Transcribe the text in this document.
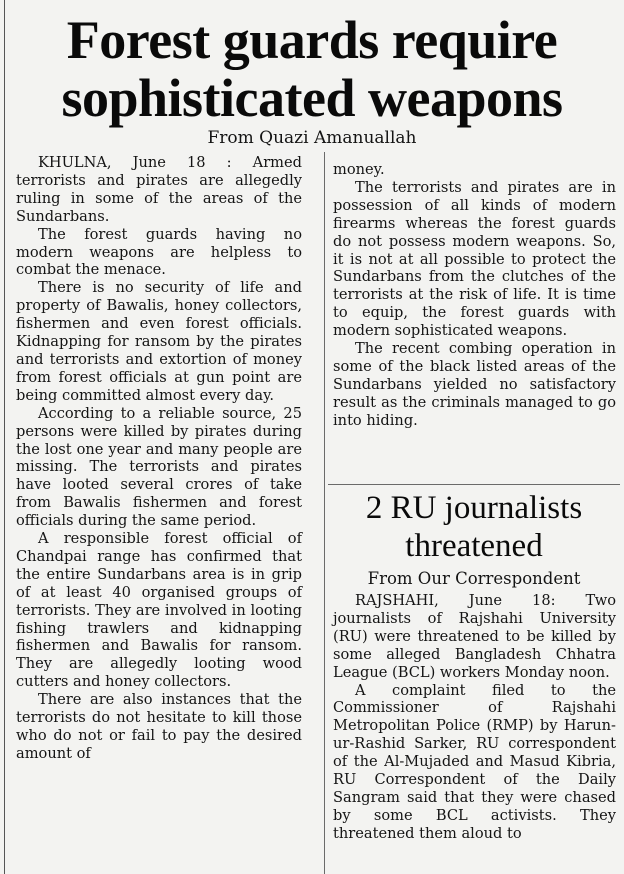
Forest guards require
sophisticated weapons
From Quazi Amanuallah

KHULNA, June 18 : Armed terrorists and pirates are allegedly ruling in some of the areas of the Sundarbans.

The forest guards having no modern weapons are helpless to combat the menace.

There is no security of life and property of Bawalis, honey collectors, fishermen and even forest officials. Kidnapping for ransom by the pirates and terrorists and extortion of money from forest officials at gun point are being committed almost every day.

According to a reliable source, 25 persons were killed by pirates during the lost one year and many people are missing. The terrorists and pirates have looted several crores of take from Bawalis fishermen and forest officials during the same period.

A responsible forest official of Chandpai range has confirmed that the entire Sundarbans area is in grip of at least 40 organised groups of terrorists. They are involved in looting fishing trawlers and kidnapping fishermen and Bawalis for ransom. They are allegedly looting wood cutters and honey collectors.

There are also instances that the terrorists do not hesitate to kill those who do not or fail to pay the desired amount of

money.

The terrorists and pirates are in possession of all kinds of modern firearms whereas the forest guards do not possess modern weapons. So, it is not at all possible to protect the Sundarbans from the clutches of the terrorists at the risk of life. It is time to equip, the forest guards with modern sophisticated weapons.

The recent combing operation in some of the black listed areas of the Sundarbans yielded no satisfactory result as the criminals managed to go into hiding.

2 RU journalists
threatened
From Our Correspondent

RAJSHAHI, June 18: Two journalists of Rajshahi University (RU) were threatened to be killed by some alleged Bangladesh Chhatra League (BCL) workers Monday noon.

A complaint filed to the Commissioner of Rajshahi Metropolitan Police (RMP) by Harun-ur-Rashid Sarker, RU correspondent of the Al-Mujaded and Masud Kibria, RU Correspondent of the Daily Sangram said that they were chased by some BCL activists. They threatened them aloud to
